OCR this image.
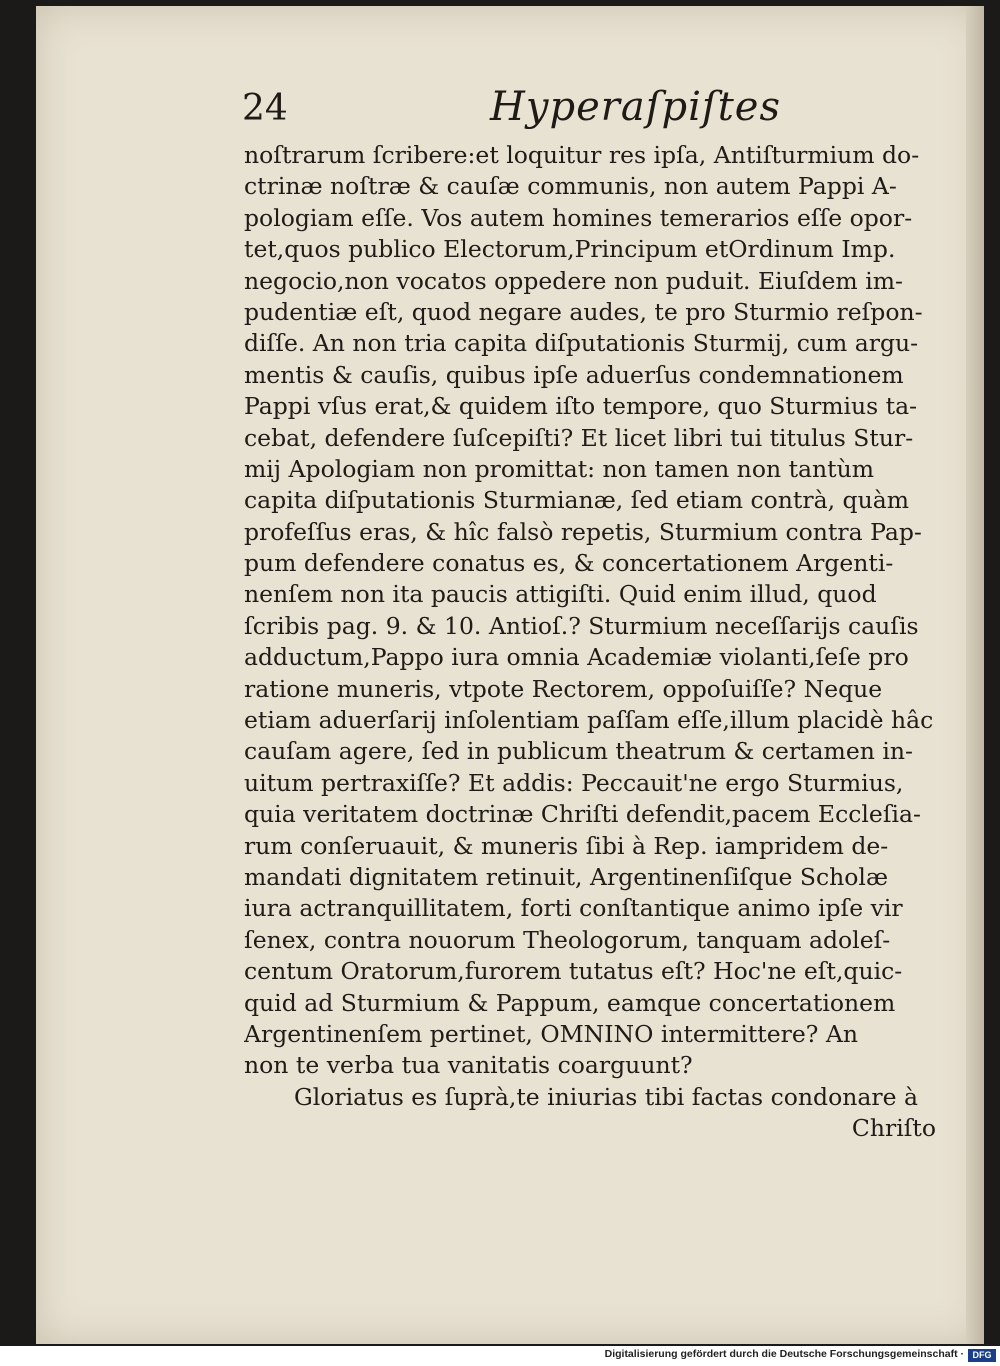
24	Hyperaſpiſtes
noſtrarum ſcribere:et loquitur res ipſa, Antiſturmium do-
ctrinæ noſtræ & cauſæ communis, non autem Pappi A-
pologiam eſſe. Vos autem homines temerarios eſſe opor-
tet,quos publico Electorum,Principum etOrdinum Imp.
negocio,non vocatos oppedere non puduit. Eiuſdem im-
pudentiæ eſt, quod negare audes, te pro Sturmio reſpon-
diſſe. An non tria capita diſputationis Sturmij, cum argu-
mentis & cauſis, quibus ipſe aduerſus condemnationem
Pappi vſus erat,& quidem iſto tempore, quo Sturmius ta-
cebat, defendere ſuſcepiſti? Et licet libri tui titulus Stur-
mij Apologiam non promittat: non tamen non tantùm
capita diſputationis Sturmianæ, ſed etiam contrà, quàm
profeſſus eras, & hîc falsò repetis, Sturmium contra Pap-
pum defendere conatus es, & concertationem Argenti-
nenſem non ita paucis attigiſti. Quid enim illud, quod
ſcribis pag. 9. & 10. Antioſ.? Sturmium neceſſarijs cauſis
adductum,Pappo iura omnia Academiæ violanti,ſeſe pro
ratione muneris, vtpote Rectorem, oppoſuiſſe? Neque
etiam aduerſarij inſolentiam paſſam eſſe,illum placidè hâc
cauſam agere, ſed in publicum theatrum & certamen in-
uitum pertraxiſſe? Et addis: Peccauit'ne ergo Sturmius,
quia veritatem doctrinæ Chriſti defendit,pacem Eccleſia-
rum conſeruauit, & muneris ſibi à Rep. iampridem de-
mandati dignitatem retinuit, Argentinenſiſque Scholæ
iura actranquillitatem, forti conſtantique animo ipſe vir
ſenex, contra nouorum Theologorum, tanquam adoleſ-
centum Oratorum,furorem tutatus eſt? Hoc'ne eſt,quic-
quid ad Sturmium & Pappum, eamque concertationem
Argentinenſem pertinet, OMNINO intermittere? An
non te verba tua vanitatis coarguunt?
Gloriatus es ſuprà,te iniurias tibi factas condonare à
Chriſto
Digitalisierung gefördert durch die Deutsche Forschungsgemeinschaft · DFG
